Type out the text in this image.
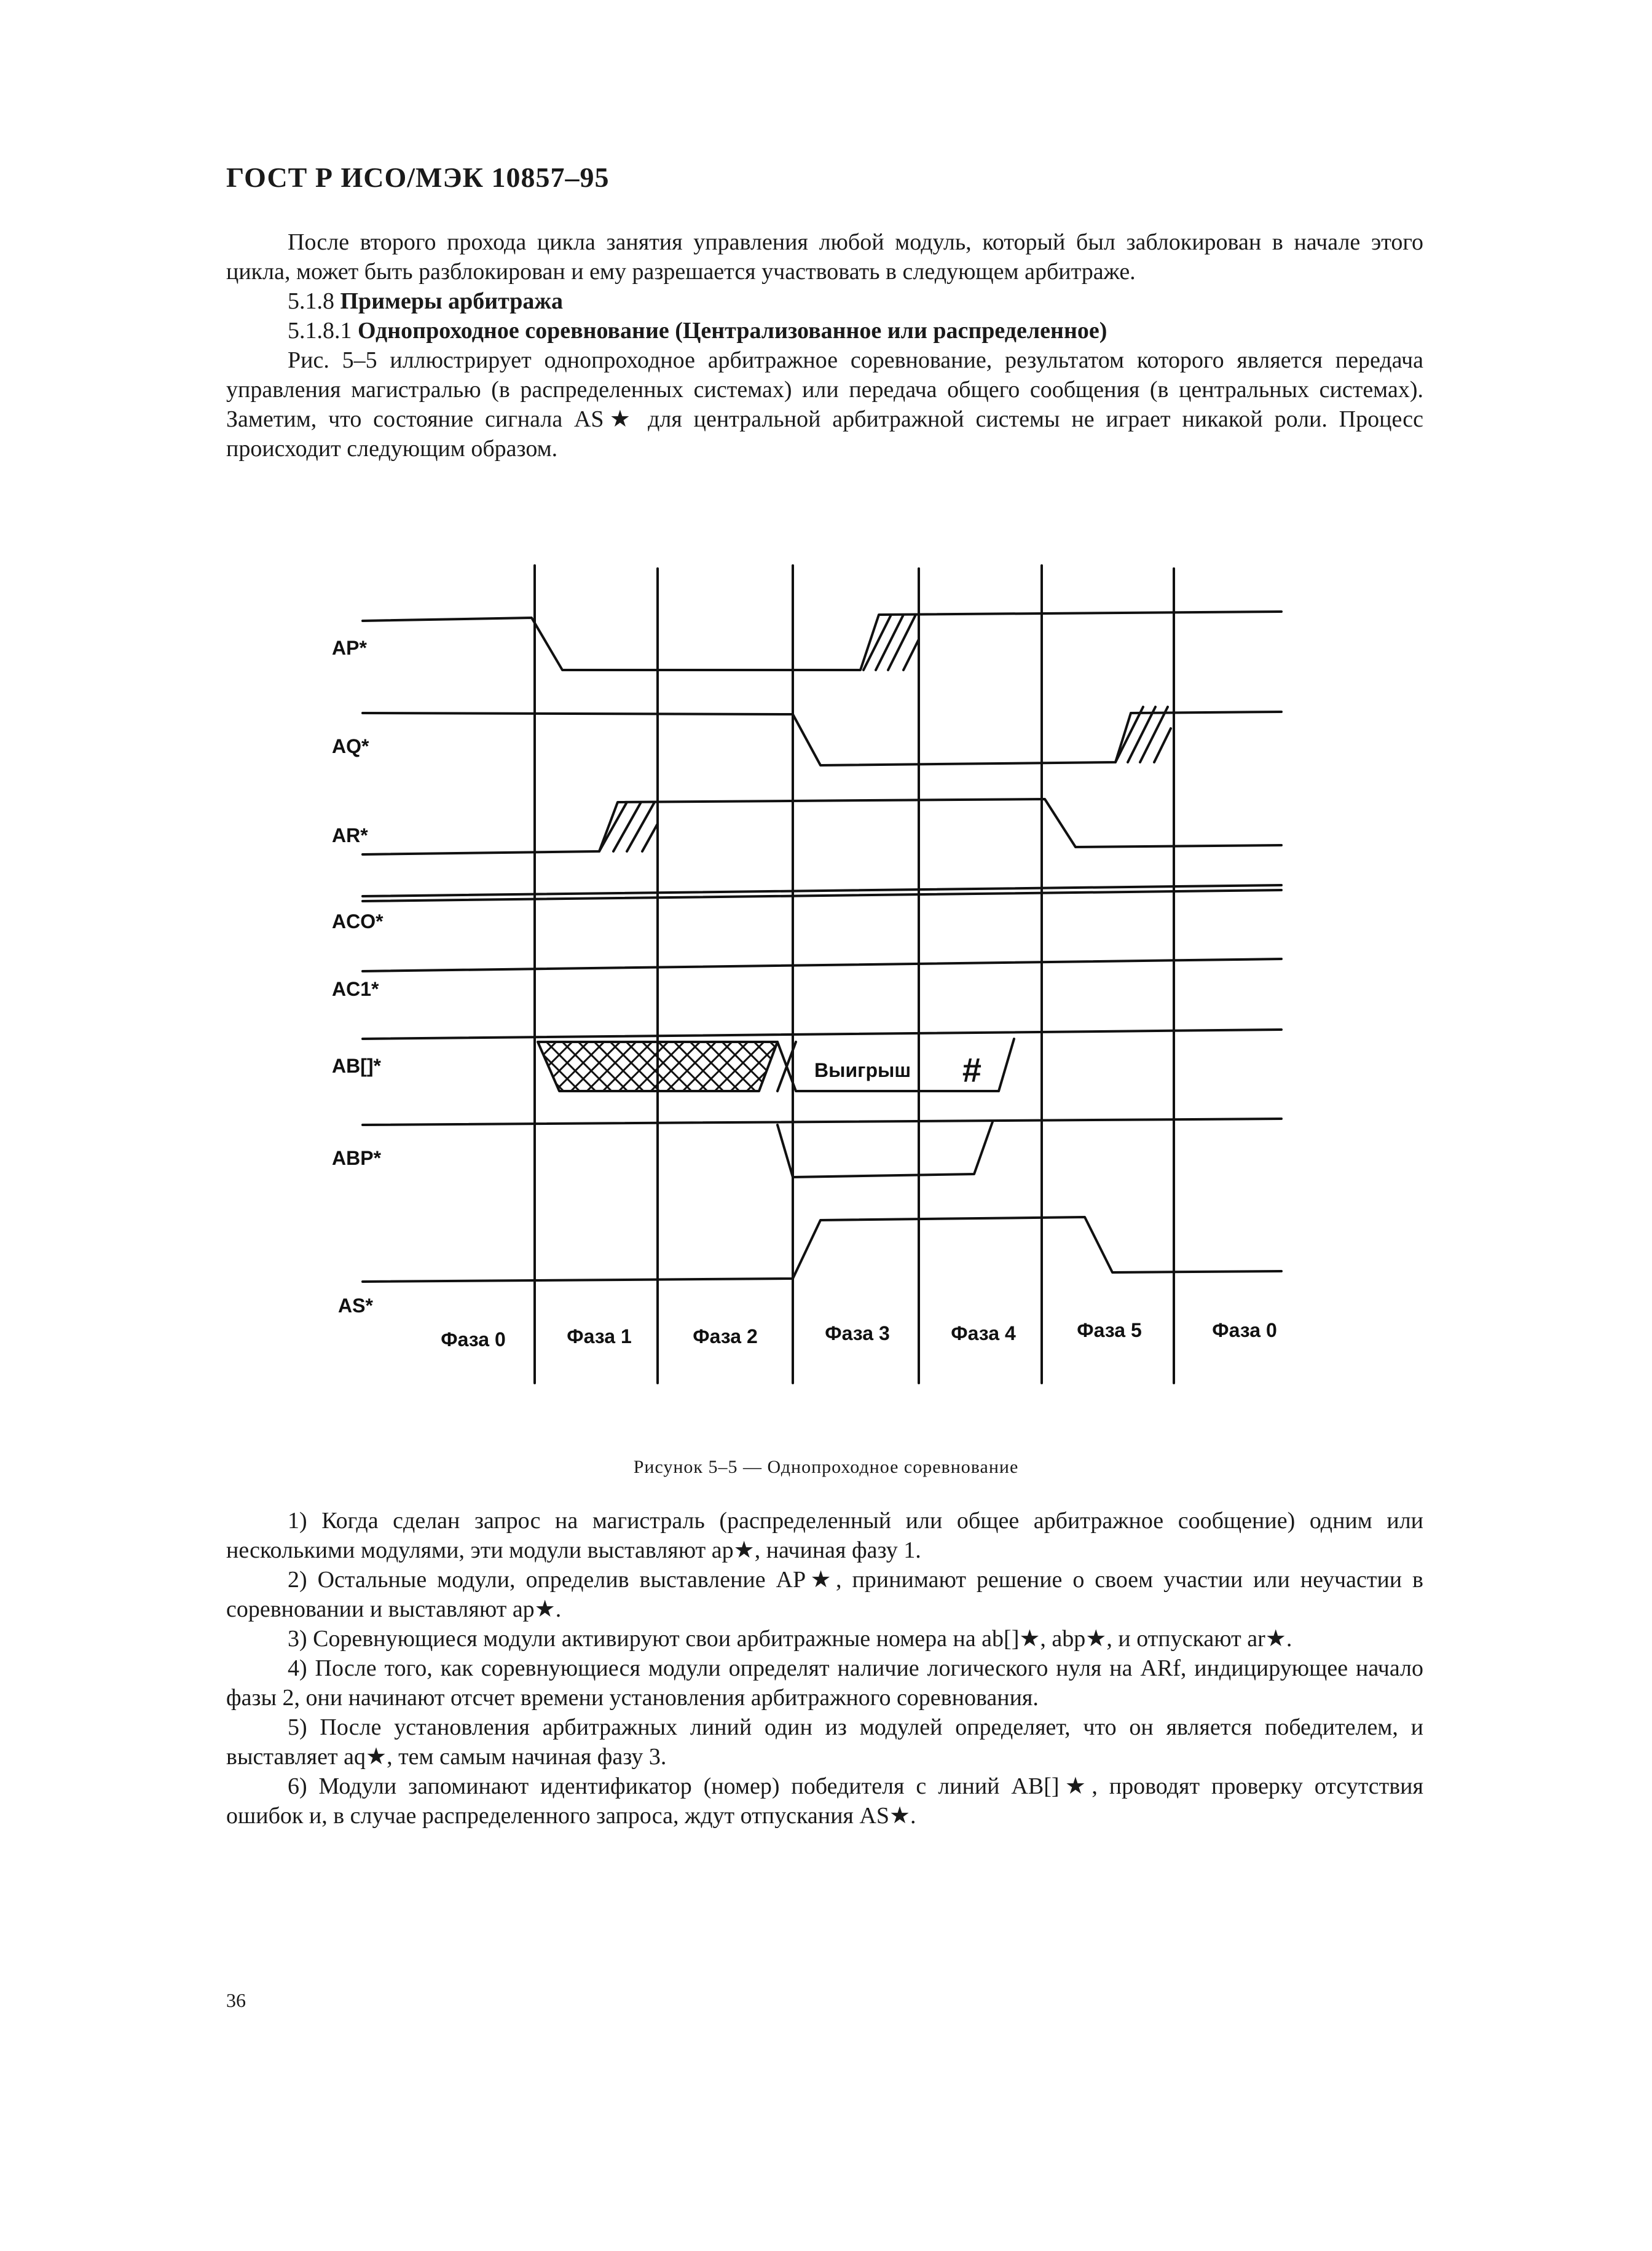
ГОСТ Р ИСО/МЭК 10857–95

После второго прохода цикла занятия управления любой модуль, который был заблокирован в начале этого цикла, может быть разблокирован и ему разрешается участвовать в следующем арбитраже.

5.1.8 Примеры арбитража

5.1.8.1 Однопроходное соревнование (Централизованное или распределенное)

Рис. 5–5 иллюстрирует однопроходное арбитражное соревнование, результатом которого является передача управления магистралью (в распределенных системах) или передача общего сообщения (в центральных системах). Заметим, что состояние сигнала AS★ для центральной арбитражной системы не играет никакой роли. Процесс происходит следующим образом.

AP*
AQ*
AR*
ACO*
AC1*
AB[]*
ABP*
AS*
Выигрыш #
Фаза 0	Фаза 1	Фаза 2	Фаза 3	Фаза 4	Фаза 5	Фаза 0
Рисунок 5–5 — Однопроходное соревнование

1) Когда сделан запрос на магистраль (распределенный или общее арбитражное сообщение) одним или несколькими модулями, эти модули выставляют ap★, начиная фазу 1.

2) Остальные модули, определив выставление AP★, принимают решение о своем участии или неучастии в соревновании и выставляют ap★.

3) Соревнующиеся модули активируют свои арбитражные номера на ab[]★, abp★, и отпускают ar★.

4) После того, как соревнующиеся модули определят наличие логического нуля на ARf, индицирующее начало фазы 2, они начинают отсчет времени установления арбитражного соревнования.

5) После установления арбитражных линий один из модулей определяет, что он является победителем, и выставляет aq★, тем самым начиная фазу 3.

6) Модули запоминают идентификатор (номер) победителя с линий AB[]★, проводят проверку отсутствия ошибок и, в случае распределенного запроса, ждут отпускания AS★.

36
